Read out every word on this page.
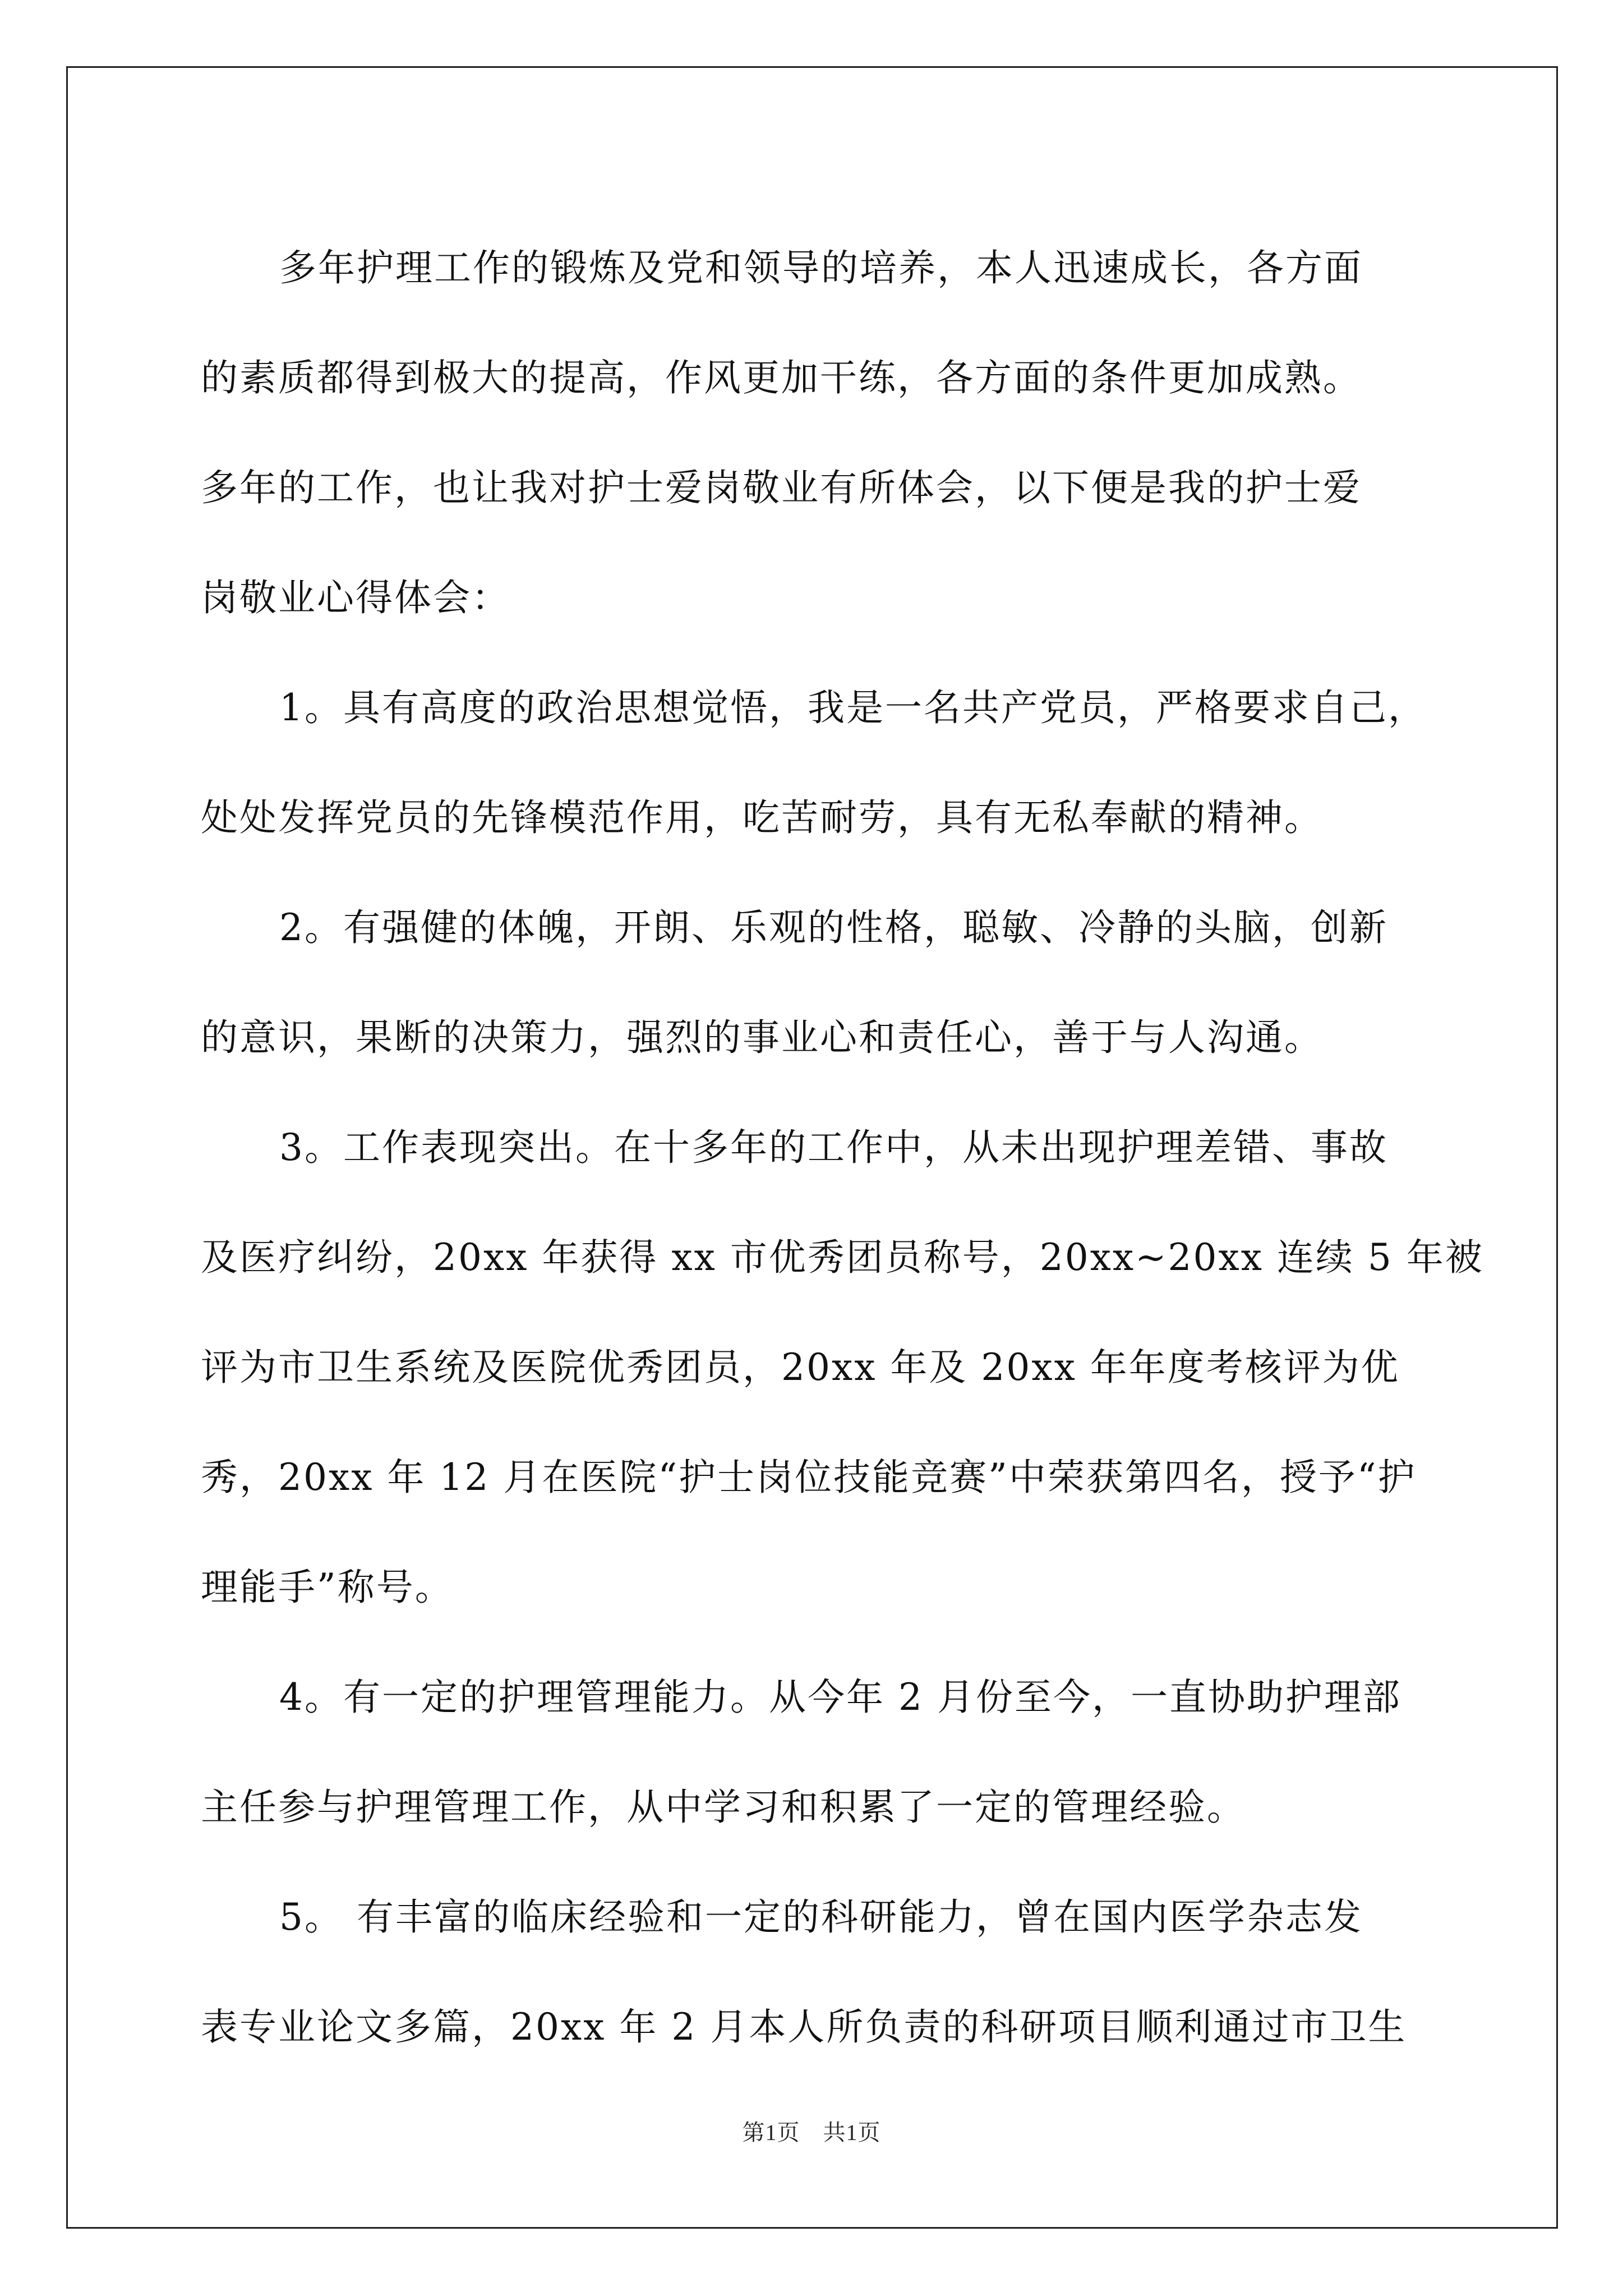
多年护理工作的锻炼及党和领导的培养，本人迅速成长，各方面
的素质都得到极大的提高，作风更加干练，各方面的条件更加成熟。
多年的工作，也让我对护士爱岗敬业有所体会，以下便是我的护士爱
岗敬业心得体会：
1。具有高度的政治思想觉悟，我是一名共产党员，严格要求自己，
处处发挥党员的先锋模范作用，吃苦耐劳，具有无私奉献的精神。
2。有强健的体魄，开朗、乐观的性格，聪敏、冷静的头脑，创新
的意识，果断的决策力，强烈的事业心和责任心，善于与人沟通。
3。工作表现突出。在十多年的工作中，从未出现护理差错、事故
及医疗纠纷，20xx 年获得 xx 市优秀团员称号，20xx~20xx 连续 5 年被
评为市卫生系统及医院优秀团员，20xx 年及 20xx 年年度考核评为优
秀，20xx 年 12 月在医院“护士岗位技能竞赛”中荣获第四名，授予“护
理能手”称号。
4。有一定的护理管理能力。从今年 2 月份至今，一直协助护理部
主任参与护理管理工作，从中学习和积累了一定的管理经验。
5。 有丰富的临床经验和一定的科研能力，曾在国内医学杂志发
表专业论文多篇，20xx 年 2 月本人所负责的科研项目顺利通过市卫生
第1页　共1页
